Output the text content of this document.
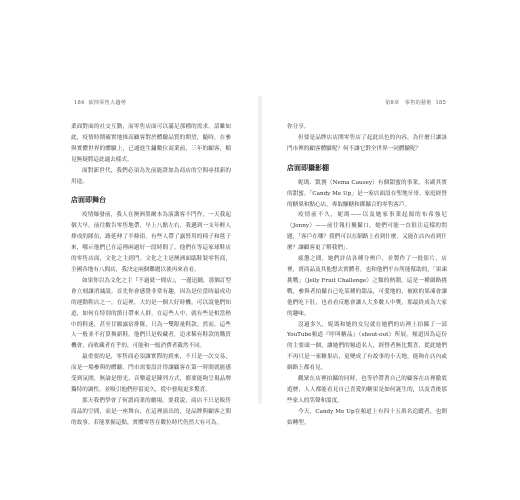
184 砍掉零售大趨勢

業面對面的社交互動，而零售店面可以滿足那種的需求。話雖如此，疫情時期確實地推高顧客對於體驗品質的期望，隨時，在參與實體世界的體驗上，已通進生鏽數位商業前，三年的顧客，順見無疑將這此適去樣式。

面對新世代，我們必須為先前能證加為商店的空間尋找新的用途。

店面即舞台

疫情爆發前，我人在澳洲墨爾本為演講客不門作，一天我起個大早，前往數告零售地帶，早上八點左右，我邁到一支年輕人排成的隊伍，路延伸了半條街。有些人帶了露營用的椅子和毯子來，哪示他們已在這裡兩過好一段時間了。他們在等這家球鞋店的零售店面，文化之主到門。文化之主是澳洲面臨鞋裝零售商，全國各地有八間店，我決定兩個難題以後再來看看。

如果你以為文化之主『不過就一間店』，一邊迅鋪，那個訂型會立刻讓消滅說。首先你會感覺非常有趣，因為是位當時最成功的運動鞋店之一，在這裡，大約是一個大好時機，可以說他們知道，如何在特別的節日帶來人群。在這些人中，就有些是相當熱中的鞋迷，甚至甘願露宿排隊，只為一雙限量鞋款。然而，這些人一般並不打算換新鞋，他們只是收藏者，追求稀有鞋款的購買機會，而收藏者在乎的，可能和一般消費者截然不同。

最重要的是，零售商必須讓實際的到來，不只是一次交易，而是一場參與的體驗。門市需要設計得讓顧客在第一時間就能感受到氛圍，無論是燈光、音樂還是陳列方式，都要能夠呈現品牌獨特的調性，並吸引他們停留更久，從中發現更多驚喜。

那天我們學會了何謂商業的劇場。要我說，商店不只是販售商品的空間，而是一座舞台，在這裡演出的，是品牌與顧客之間的故事。若能掌握這點，實體零售在數位時代仍然大有可為。

第8章　零售的藝術 185

你分享。

但要是品牌店店開零售店了起此出色的內容，為什麼只讓該門市裡的顧客體驗呢？何不讓它對全世界一同體驗呢？

店面即攝影棚

妮瑪．凱賽（Nema Causey）有個甜蜜的事業，名副其實的甜蜜。「Candy Me Up」是一家店面設在聖地牙哥、家庭經營的糖果和點心店，專取賺糖和綁攝合的零售客戶。

疫情前不久，妮瑪——以及她家事業起源的布希強尼（Jonny）——前往報打擾攝口，她們可能一直很注這樣的問題，「客戶在哪？我們可以在網路上看到什麼，又能在店內看到什麼？讓顧客更了解我們」。

疲憊之間，她們評估各種分辨戶，並製作了一批影片，店裡，賣商品及其他想去實體者，也和他們平台所能幫助的，「果凍挑戰」（Jelly Fruit Challenge）之類的熱潮，這是一種網路挑戰，參與者拍攝自己吃某種的甜品，可愛地的，被欧的果凍會讓他們吃下肚，也看看反應會讓人大多數人中獎，那最終成為大家的趣味。

沒過多久，妮瑪和她的女兒就在她們的店裡上拍攝了一部YouTube頻道『呼叫糖品』（shout-out）所展。頻道因為這份的主要頭一個，讓她們的頻道名人，經營者無比驚喜，從此她們不再只是一家糖果店，更變成了有故事的小天地，能夠在店內或網路上都看見。

觀眾在店裡拍攝的同時，也等於帶著自己的顧客在店裡徹底遊歷，人人都能看見自己喜愛的糖果是如何誕生的，以及背後那些家人的笑聲和溫度。

今天，Candy Me Up在頻道上有四十五萬名追蹤者，也開始轉型。
